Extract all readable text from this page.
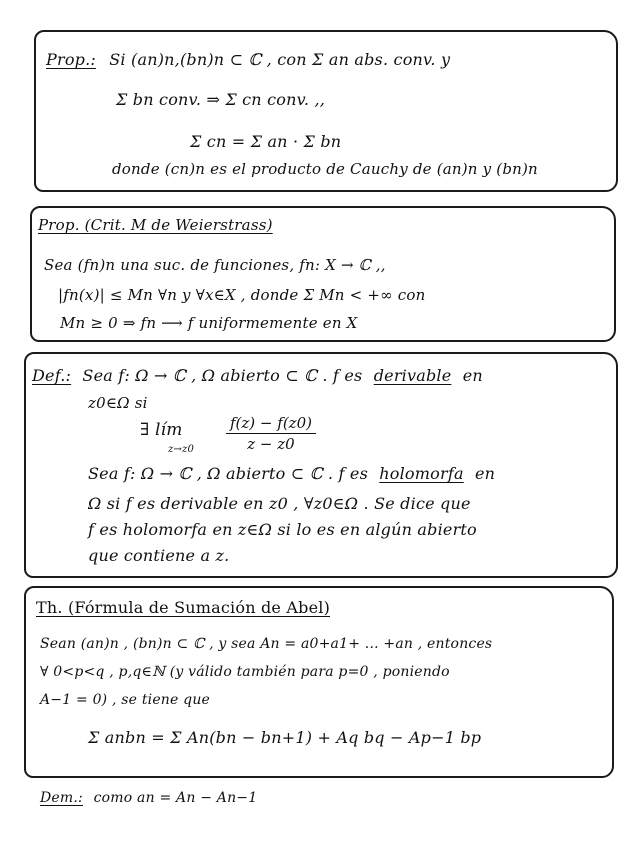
Prop.: Si (an)n,(bn)n ⊂ ℂ , con Σ an abs. conv. y
Σ bn conv. ⇒ Σ cn conv. ,,
Σ cn = Σ an · Σ bn
donde (cn)n es el producto de Cauchy de (an)n y (bn)n
Prop. (Crit. M de Weierstrass)
Sea (fn)n una suc. de funciones, fn: X → ℂ ,,
|fn(x)| ≤ Mn ∀n y ∀x∈X , donde Σ Mn < +∞ con
Mn ≥ 0 ⇒ fn ⟶ f uniformemente en X
Def.: Sea f: Ω → ℂ , Ω abierto ⊂ ℂ . f es derivable en
z0∈Ω si
∃ lím
$z\to z0 \frac{f(z) - f(z0)}{z - z0}$
Sea f: Ω → ℂ , Ω abierto ⊂ ℂ . f es holomorfa en
Ω si f es derivable en z0 , ∀z0∈Ω . Se dice que
f es holomorfa en z∈Ω si lo es en algún abierto
que contiene a z.
Th. (Fórmula de Sumación de Abel)
Sean (an)n , (bn)n ⊂ ℂ , y sea An = a0+a1+ ... +an , entonces
∀ 0<p<q , p,q∈ℕ (y válido también para p=0 , poniendo
A−1 = 0) , se tiene que
Σ anbn = Σ An(bn − bn+1) + Aq bq − Ap−1 bp
Dem.: como an = An − An−1
